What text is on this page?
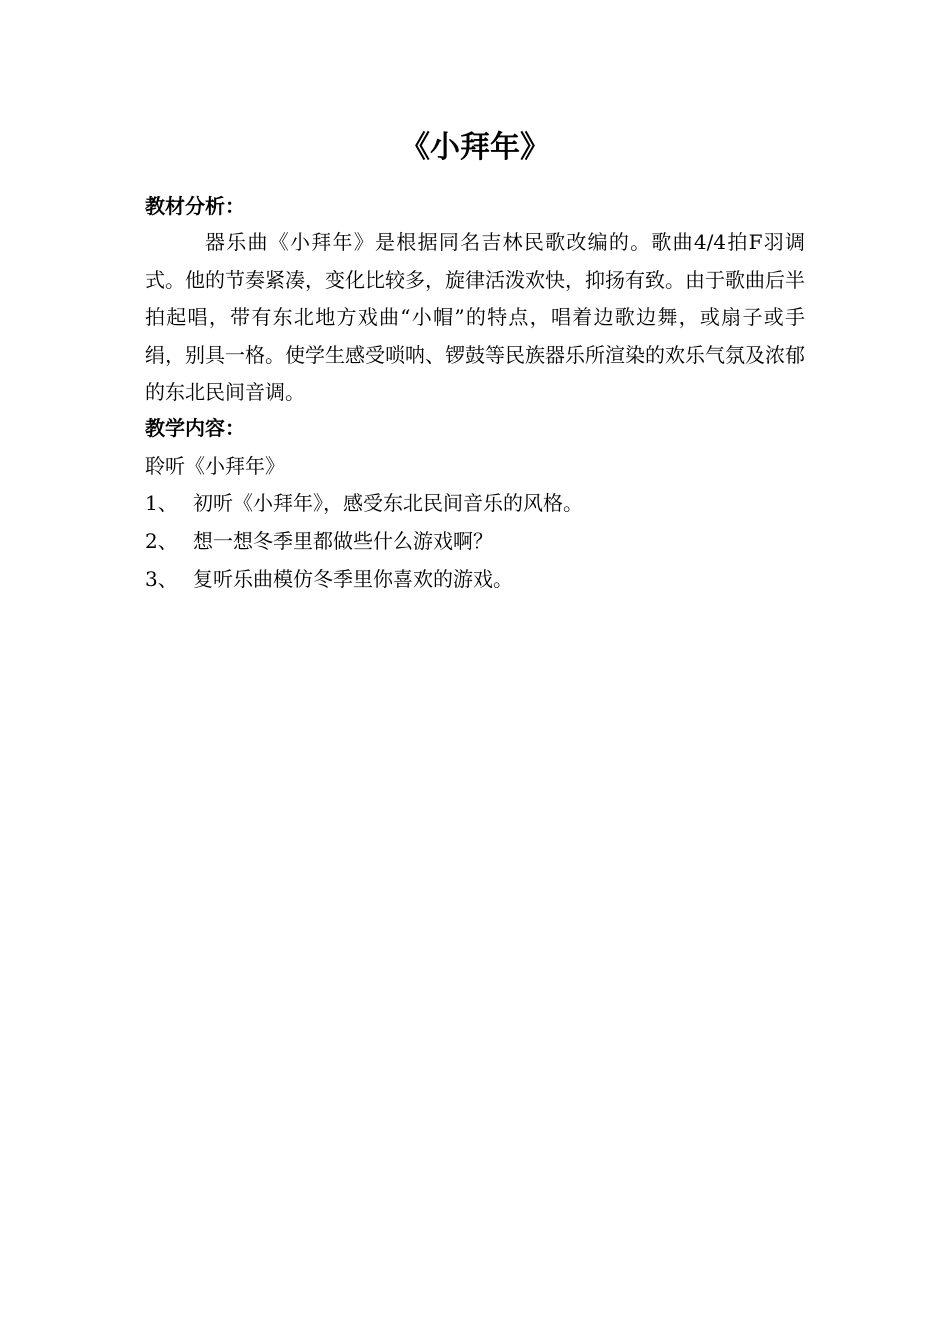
《小拜年》
教材分析：

器乐曲《小拜年》是根据同名吉林民歌改编的。歌曲4/4拍F羽调式。他的节奏紧凑，变化比较多，旋律活泼欢快，抑扬有致。由于歌曲后半拍起唱，带有东北地方戏曲“小帽”的特点，唱着边歌边舞，或扇子或手绢，别具一格。使学生感受唢呐、锣鼓等民族器乐所渲染的欢乐气氛及浓郁的东北民间音调。

教学内容：

聆听《小拜年》

1、 初听《小拜年》，感受东北民间音乐的风格。

2、 想一想冬季里都做些什么游戏啊？

3、 复听乐曲模仿冬季里你喜欢的游戏。
